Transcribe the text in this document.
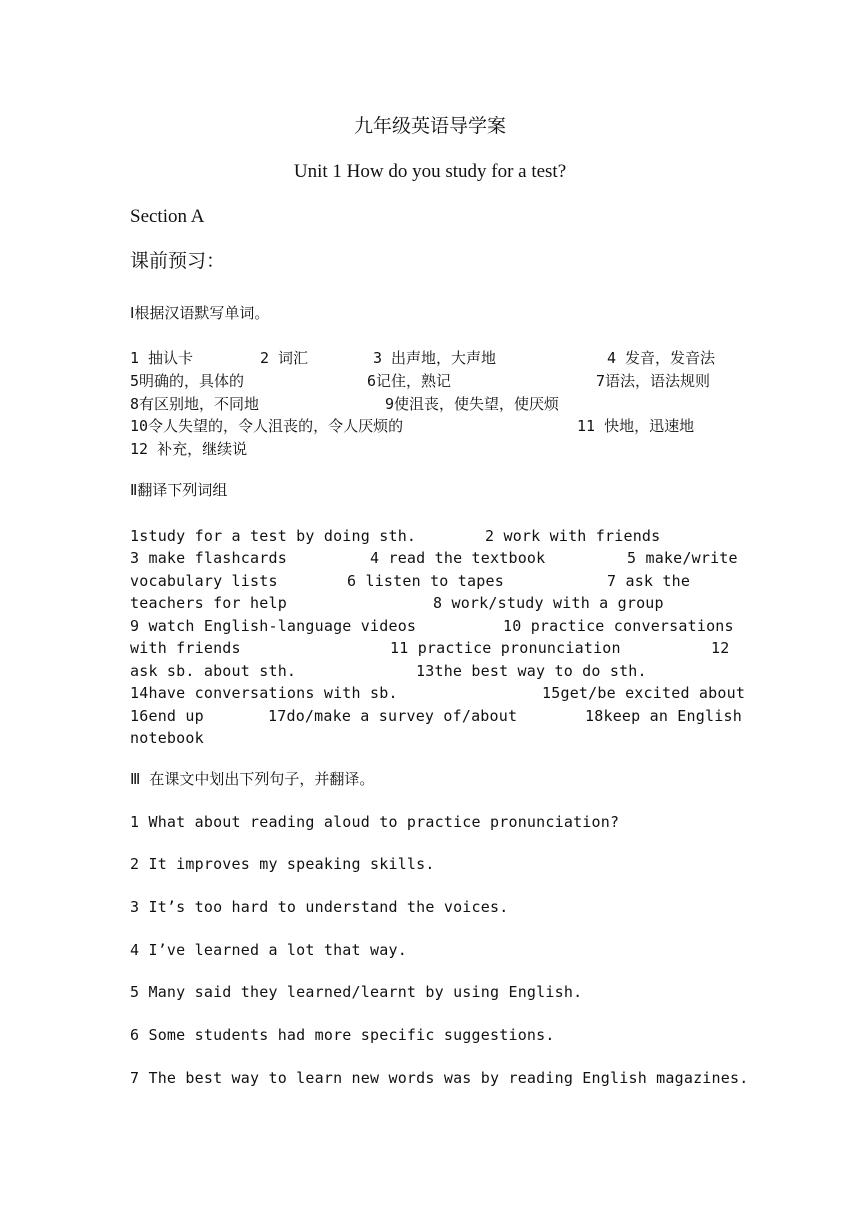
九年级英语导学案
Unit 1 How do you study for a test?
Section A
课前预习：
Ⅰ根据汉语默写单词。
1 抽认卡	2 词汇	3 出声地，大声地	4 发音，发音法
5明确的，具体的	6记住，熟记	7语法，语法规则
8有区别地，不同地	9使沮丧，使失望，使厌烦
10令人失望的，令人沮丧的，令人厌烦的	11 快地，迅速地
12 补充，继续说
Ⅱ翻译下列词组
1study for a test by doing sth.	2 work with friends
3 make flashcards	4 read the textbook	5 make/write
vocabulary lists	6 listen to tapes	7 ask the
teachers for help	8 work/study with a group
9 watch English-language videos	10 practice conversations
with friends	11 practice pronunciation	12
ask sb. about sth.	13the best way to do sth.
14have conversations with sb.	15get/be excited about
16end up	17do/make a survey of/about	18keep an English
notebook
Ⅲ 在课文中划出下列句子，并翻译。
1 What about reading aloud to practice pronunciation?
2 It improves my speaking skills.
3 It’s too hard to understand the voices.
4 I’ve learned a lot that way.
5 Many said they learned/learnt by using English.
6 Some students had more specific suggestions.
7 The best way to learn new words was by reading English magazines.
